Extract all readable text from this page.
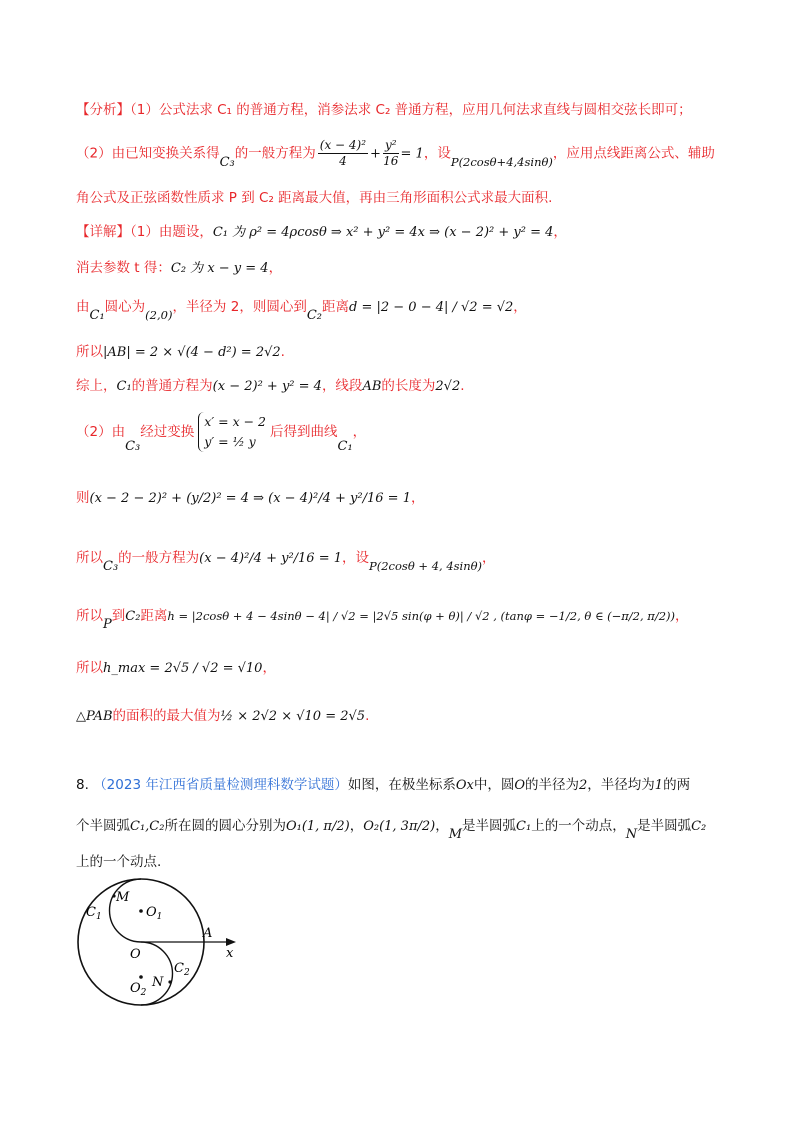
【分析】（1）公式法求 C₁ 的普通方程，消参法求 C₂ 普通方程，应用几何法求直线与圆相交弦长即可；
（2）由已知变换关系得C₃的一般方程为 $\frac{\text{(x − 4)²}}{4} + \frac{\text{y²}}{16} = 1$，设P(2cosθ+4,4sinθ)，应用点线距离公式、辅助
角公式及正弦函数性质求 P 到 C₂ 距离最大值，再由三角形面积公式求最大面积.
【详解】（1）由题设，C₁ 为 ρ² = 4ρcosθ ⇒ x² + y² = 4x ⇒ (x − 2)² + y² = 4，
消去参数 t 得：C₂ 为 x − y = 4，
由C₁圆心为(2,0)，半径为 2，则圆心到C₂距离d = |2 − 0 − 4| / √2 = √2，
所以|AB| = 2 × √(4 − d²) = 2√2.
综上，C₁的普通方程为(x − 2)² + y² = 4，线段AB的长度为2√2.
（2）由C₃经过变换
x′ = x − 2
y′ = ½ y
后得到曲线C₁，
则(x − 2 − 2)² + (y/2)² = 4 ⇒ (x − 4)²/4 + y²/16 = 1，
所以C₃的一般方程为(x − 4)²/4 + y²/16 = 1，设P(2cosθ + 4, 4sinθ)，
所以P到C₂距离h = |2cosθ + 4 − 4sinθ − 4| / √2 = |2√5 sin(φ + θ)| / √2 , (tanφ = −1/2, θ ∈ (−π/2, π/2))，
所以h_max = 2√5 / √2 = √10，
△PAB的面积的最大值为½ × 2√2 × √10 = 2√5.
8. （2023 年江西省质量检测理科数学试题）如图，在极坐标系Ox中，圆O的半径为2，半径均为1的两
个半圆弧C₁,C₂所在圆的圆心分别为O₁(1, π/2)，O₂(1, 3π/2)，M是半圆弧C₁上的一个动点，N是半圆弧C₂
上的一个动点.
M
$O_1$
$C_1$
A
x
O
$C_2$
$O_2$
N
